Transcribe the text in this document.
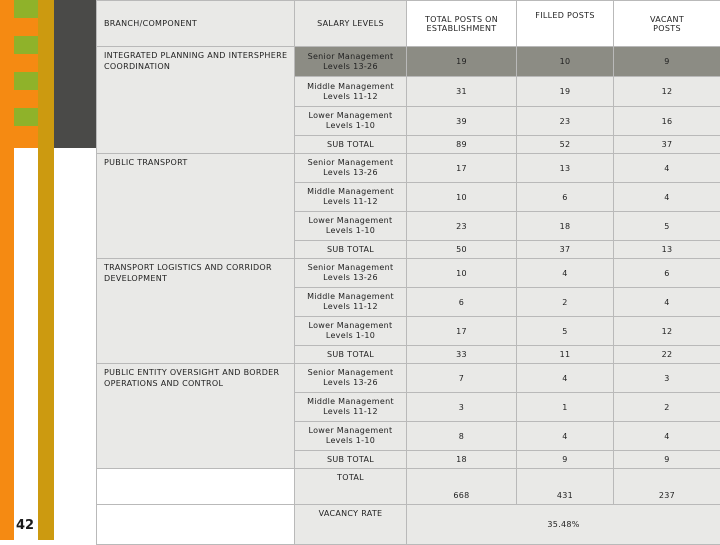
42
BRANCH/COMPONENT	SALARY LEVELS	TOTAL POSTS ON ESTABLISHMENT	FILLED POSTS	VACANT POSTS
INTEGRATED PLANNING AND INTERSPHERE COORDINATION	Senior Management
Levels 13-26	19	10	9

	Middle Management
Levels 11-12	31	19	12

	Lower Management
Levels 1-10	39	23	16
	SUB TOTAL	89	52	37
PUBLIC TRANSPORT	Senior Management
Levels 13-26	17	13	4

	Middle Management
Levels 11-12	10	6	4

	Lower Management
Levels 1-10	23	18	5
	SUB TOTAL	50	37	13
TRANSPORT LOGISTICS AND CORRIDOR DEVELOPMENT	Senior Management
Levels 13-26	10	4	6

	Middle Management
Levels 11-12	6	2	4

	Lower Management
Levels 1-10	17	5	12
	SUB TOTAL	33	11	22
PUBLIC ENTITY OVERSIGHT AND BORDER OPERATIONS AND CONTROL	Senior Management
Levels 13-26	7	4	3

	Middle Management
Levels 11-12	3	1	2

	Lower Management
Levels 1-10	8	4	4
	SUB TOTAL	18	9	9
	TOTAL	668	431	237
	VACANCY RATE	35.48%		
